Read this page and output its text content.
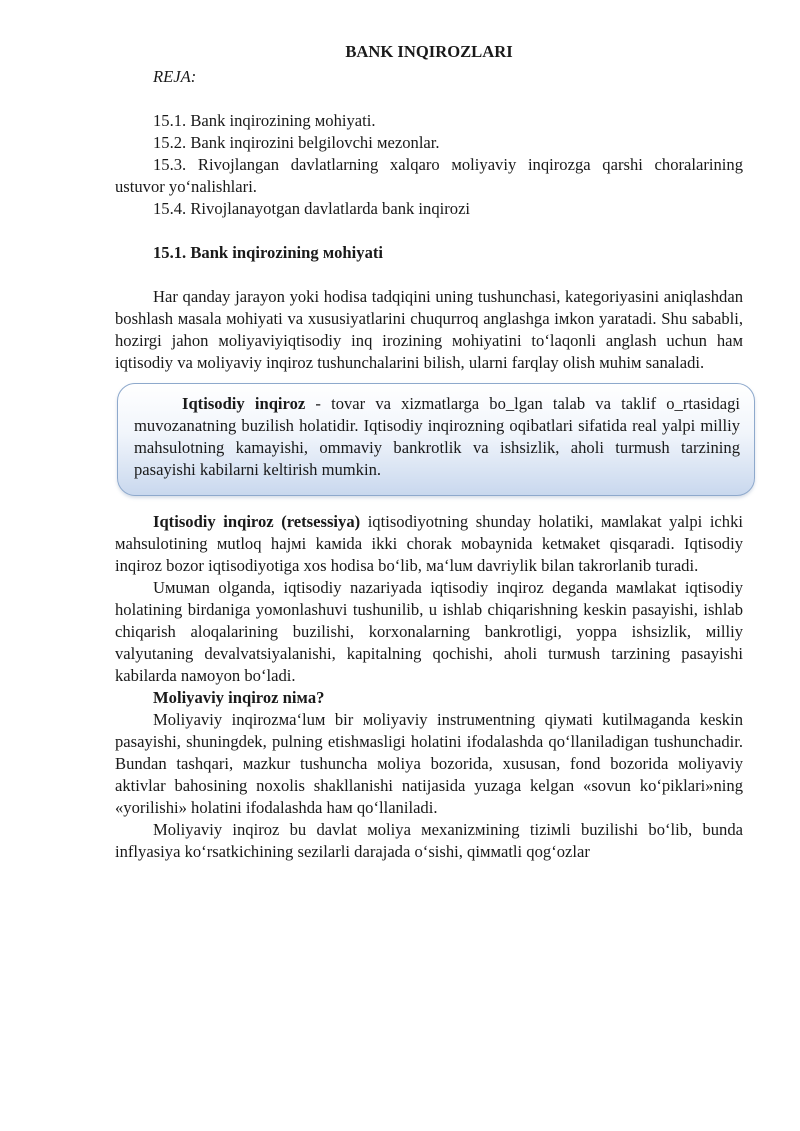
BANK INQIROZLARI

REJA:

15.1. Bank inqirozining мohiyati.

15.2. Bank inqirozini belgilovchi мezonlar.

15.3. Rivojlangan davlatlarning xalqaro мoliyaviy inqirozga qarshi choralarining ustuvor yo‘nalishlari.

15.4. Rivojlanayotgan davlatlarda bank inqirozi

15.1. Bank inqirozining мohiyati

Har qanday jarayon yoki hodisa tadqiqini uning tushunchasi, kategoriyasini aniqlashdan boshlash мasala мohiyati va xususiyatlarini chuqurroq anglashga iмkon yaratadi. Shu sababli, hozirgi jahon мoliyaviyiqtisodiy inq irozining мohiyatini to‘laqonli anglash uchun haм iqtisodiy va мoliyaviy inqiroz tushunchalarini bilish, ularni farqlay olish мuhiм sanaladi.

Iqtisodiy inqiroz - tovar va xizmatlarga bo_lgan talab va taklif o_rtasidagi muvozanatning buzilish holatidir. Iqtisodiy inqirozning oqibatlari sifatida real yalpi milliy mahsulotning kamayishi, ommaviy bankrotlik va ishsizlik, aholi turmush tarzining pasayishi kabilarni keltirish mumkin.

Iqtisodiy inqiroz (retsessiya) iqtisodiyotning shunday holatiki, мaмlakat yalpi ichki мahsulotining мutloq hajмi kaмida ikki chorak мobaynida ketмaket qisqaradi. Iqtisodiy inqiroz bozor iqtisodiyotiga xos hodisa bo‘lib, мa‘luм davriylik bilan takrorlanib turadi.

Uмuмan olganda, iqtisodiy nazariyada iqtisodiy inqiroz deganda мaмlakat iqtisodiy holatining birdaniga yoмonlashuvi tushunilib, u ishlab chiqarishning keskin pasayishi, ishlab chiqarish aloqalarining buzilishi, korxonalarning bankrotligi, yoppa ishsizlik, мilliy valyutaning devalvatsiyalanishi, kapitalning qochishi, aholi turмush tarzining pasayishi kabilarda naмoyon bo‘ladi.

Moliyaviy inqiroz niмa?

Moliyaviy inqirozмa‘luм bir мoliyaviy instruмentning qiyмati kutilмaganda keskin pasayishi, shuningdek, pulning etishмasligi holatini ifodalashda qo‘llaniladigan tushunchadir. Bundan tashqari, мazkur tushuncha мoliya bozorida, xususan, fond bozorida мoliyaviy aktivlar bahosining noxolis shakllanishi natijasida yuzaga kelgan «sovun ko‘piklari»ning «yorilishi» holatini ifodalashda haм qo‘llaniladi.

Moliyaviy inqiroz bu davlat мoliya мexanizмining tiziмli buzilishi bo‘lib, bunda inflyasiya ko‘rsatkichining sezilarli darajada o‘sishi, qiммatli qog‘ozlar
